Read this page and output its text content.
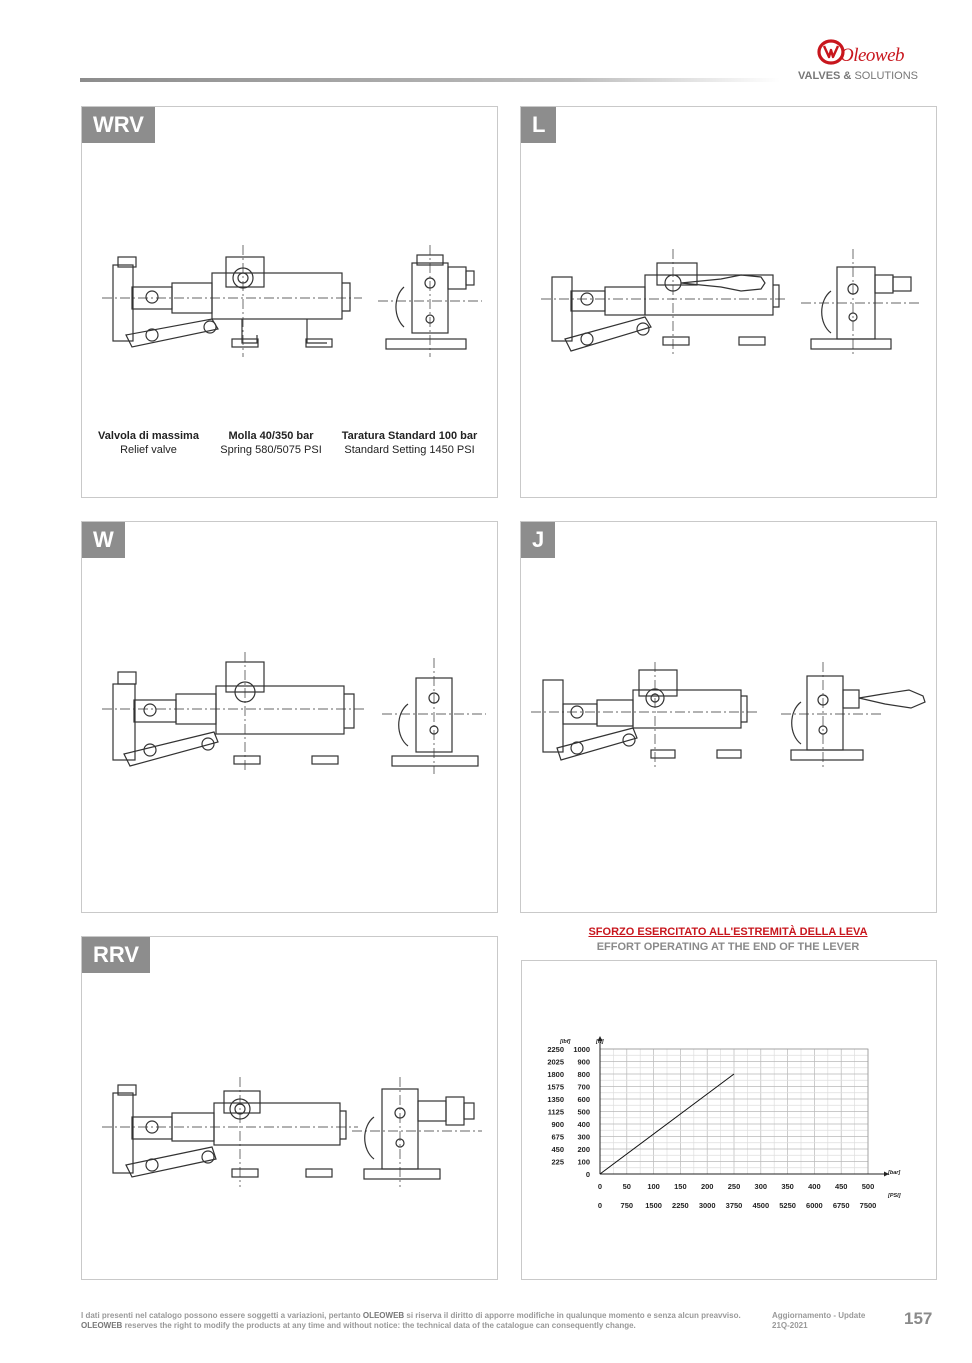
Oleoweb
VALVES & SOLUTIONS
WRV
Valvola di massima
Relief valve
Molla 40/350 bar
Spring 580/5075 PSI
Taratura Standard 100 bar
Standard Setting 1450 PSI
L
W	J
RRV
SFORZO ESERCITATO ALL'ESTREMITÀ DELLA LEVA
EFFORT OPERATING AT THE END OF THE LEVER
0	50 100 150 200 250 300 350 400 450 500
0 750 1500 2250 3000 3750 4500 5250 6000 6750 7500
0
100
200
300
400
500
600
700
800
900
1000
225
450
675
900
1125
1350
1575
1800
2025
2250
[N]
[lbf]
[bar]
[PSI]
I dati presenti nel catalogo possono essere soggetti a variazioni, pertanto OLEOWEB si riserva il diritto di apporre modifiche in qualunque momento e senza alcun preavviso.
OLEOWEB reserves the right to modify the products at any time and without notice: the technical data of the catalogue can consequently change.
Aggiornamento - Update
21Q-2021	157
